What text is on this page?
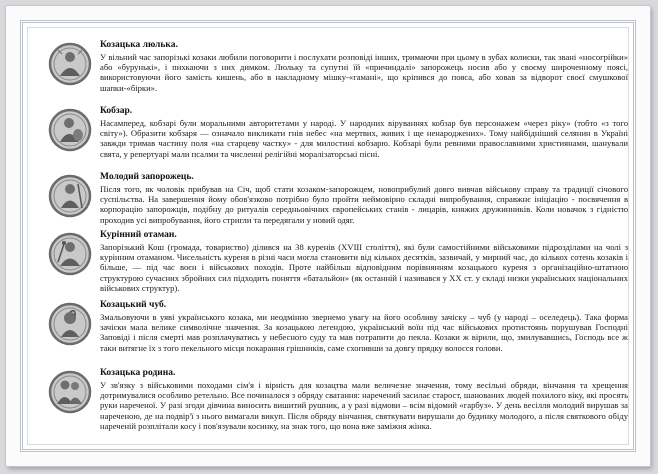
Козацька люлька.

У вільний час запорізькі козаки любили поговорити і послухати розповіді інших, тримаючи при цьому в зубах колиски, так звані «носогрійки» або «бурунькі», і пихкаючи з них димком. Люльку та супутні їй «причиндалі» запорожець носив або у своєму широченному поясі, використовуючи його замість кишень, або в накладному мішку-«гамані», що кріпився до пояса, або ховав за відворот своєї смушкової шапки-«бірки».

Кобзар.

Насамперед, кобзарі були моральними авторитетами у народі. У народних віруваннях кобзар був персонажем «через ріку» (тобто «з того світу»). Образити кобзаря — означало викликати гнів небес «на мертвих, живих і ще ненароджених». Тому найбідніший селянин в Україні завжди тримав частину поля «на старцеву частку» - для милостині кобзарю. Кобзарі були ревними православними християнами, шанували свята, у репертуарі мали псалми та численні релігійні моралізаторські пісні.

Молодий запорожець.

Після того, як чоловік прибував на Січ, щоб стати козаком-запорожцем, новоприбулий довго вивчав військову справу та традиції січового суспільства. На завершення йому обов'язково потрібно було пройти неймовірно складні випробування, справжнє ініціацію - посвячення в корпорацію запорожців, подібну до ритуалів середньовічних європейських станів - лицарів, княжих дружинників. Коли новачок з гідністю проходив усі випробування, його стригли та передягали у новий одяг.

Курінний отаман.

Запорізький Кош (громада, товариство) ділився на 38 куренів (XVIII століття), які були самостійними військовими підрозділами на чолі з курінним отаманом. Чисельність куреня в різні часи могла становити від кількох десятків, зазвичай, у мирний час, до кількох сотень козаків і більше, — під час воєн і військових походів. Проте найбільш відповідним порівнянням козацького куреня з організаційно-штатною структурою сучасних збройних сил підходить поняття «батальйон» (як останній і називався у ХХ ст. у складі низки українських національних військових структур).

Козацький чуб.

Змальовуючи в уяві українського козака, ми неодмінно звернемо увагу на його особливу зачіску – чуб (у народі – оселедець). Така форма зачіски мала велике символічне значення. За козацькою легендою, український воїн під час військових протистоянь порушував Господні Заповіді і після смерті мав розплачуватись у небесного суду та мав потрапити до пекла. Козаки ж вірили, що, змилувавшись, Господь все ж таки витягне їх з того пекельного місця покарання грішників, саме схопивши за довгу прядку волосся голови.

Козацька родина.

У зв'язку з військовими походами сім'я і вірність для козацтва мали величезне значення, тому весільні обряди, вінчання та хрещення дотримувалися особливо ретельно. Все починалося з обряду сватання: наречений засилає старост, шанованих людей похилого віку, які просять руки нареченої. У разі згоди дівчина виносить вишитий рушник, а у разі відмови – всім відомий «гарбуз». У день весілля молодий вирушав за нареченою, де на подвір'ї з нього вимагали викуп. Після обряду вінчання, святкувати вирушали до будинку молодого, а після святкового обіду нареченій розплітали косу і пов'язували косинку, на знак того, що вона вже заміжня жінка.
